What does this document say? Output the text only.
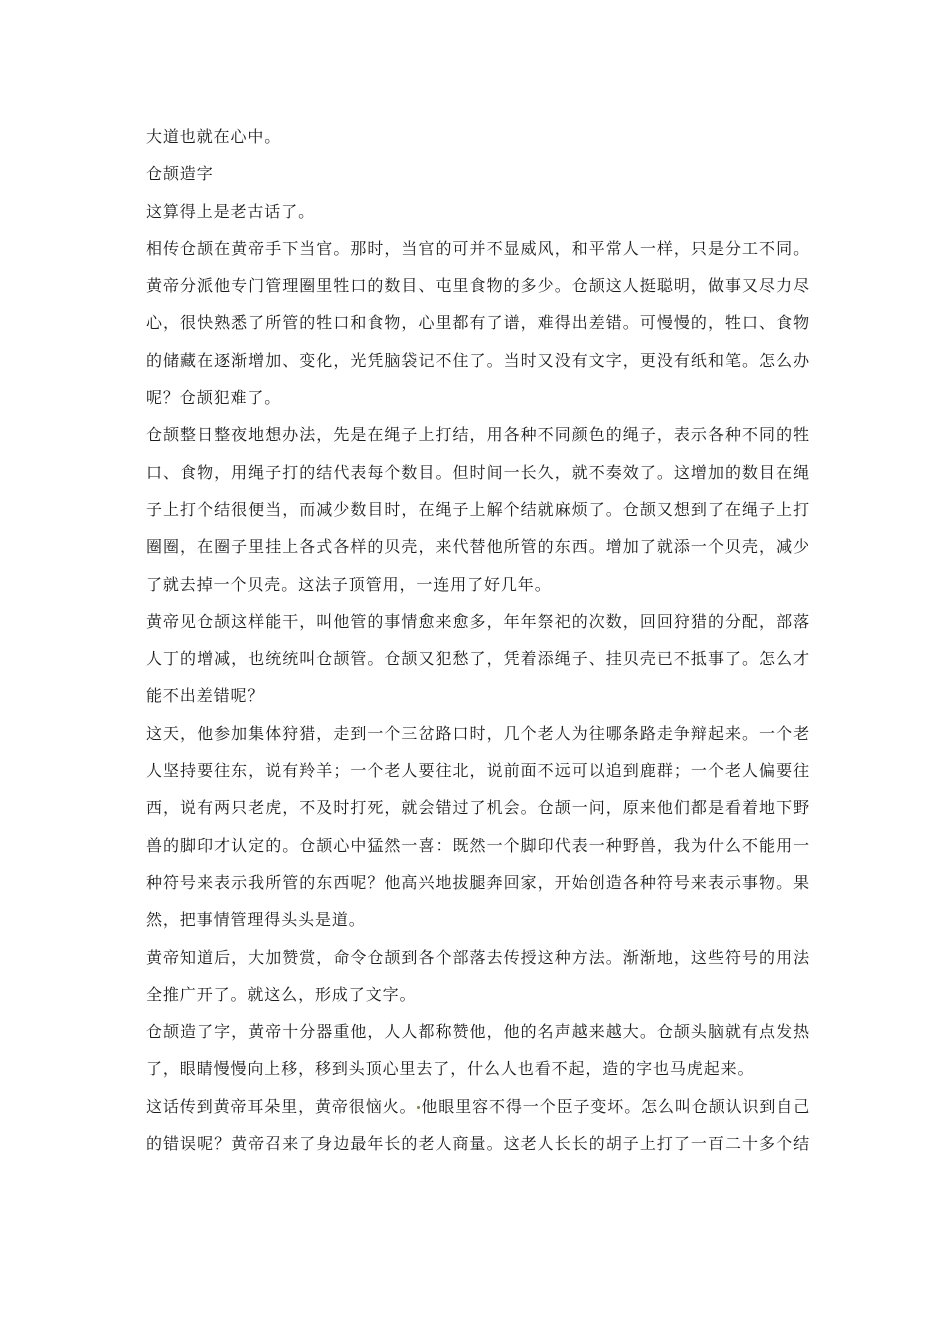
大道也就在心中。
仓颉造字
这算得上是老古话了。
相传仓颉在黄帝手下当官。那时，当官的可并不显威风，和平常人一样，只是分工不同。
黄帝分派他专门管理圈里牲口的数目、屯里食物的多少。仓颉这人挺聪明，做事又尽力尽
心，很快熟悉了所管的牲口和食物，心里都有了谱，难得出差错。可慢慢的，牲口、食物
的储藏在逐渐增加、变化，光凭脑袋记不住了。当时又没有文字，更没有纸和笔。怎么办
呢？仓颉犯难了。
仓颉整日整夜地想办法，先是在绳子上打结，用各种不同颜色的绳子，表示各种不同的牲
口、食物，用绳子打的结代表每个数目。但时间一长久，就不奏效了。这增加的数目在绳
子上打个结很便当，而减少数目时，在绳子上解个结就麻烦了。仓颉又想到了在绳子上打
圈圈，在圈子里挂上各式各样的贝壳，来代替他所管的东西。增加了就添一个贝壳，减少
了就去掉一个贝壳。这法子顶管用，一连用了好几年。
黄帝见仓颉这样能干，叫他管的事情愈来愈多，年年祭祀的次数，回回狩猎的分配，部落
人丁的增减，也统统叫仓颉管。仓颉又犯愁了，凭着添绳子、挂贝壳已不抵事了。怎么才
能不出差错呢？
这天，他参加集体狩猎，走到一个三岔路口时，几个老人为往哪条路走争辩起来。一个老
人坚持要往东，说有羚羊；一个老人要往北，说前面不远可以追到鹿群；一个老人偏要往
西，说有两只老虎，不及时打死，就会错过了机会。仓颉一问，原来他们都是看着地下野
兽的脚印才认定的。仓颉心中猛然一喜：既然一个脚印代表一种野兽，我为什么不能用一
种符号来表示我所管的东西呢？他高兴地拔腿奔回家，开始创造各种符号来表示事物。果
然，把事情管理得头头是道。
黄帝知道后，大加赞赏，命令仓颉到各个部落去传授这种方法。渐渐地，这些符号的用法
全推广开了。就这么，形成了文字。
仓颉造了字，黄帝十分器重他，人人都称赞他，他的名声越来越大。仓颉头脑就有点发热
了，眼睛慢慢向上移，移到头顶心里去了，什么人也看不起，造的字也马虎起来。
这话传到黄帝耳朵里，黄帝很恼火。 他眼里容不得一个臣子变坏。怎么叫仓颉认识到自己
的错误呢？黄帝召来了身边最年长的老人商量。这老人长长的胡子上打了一百二十多个结
